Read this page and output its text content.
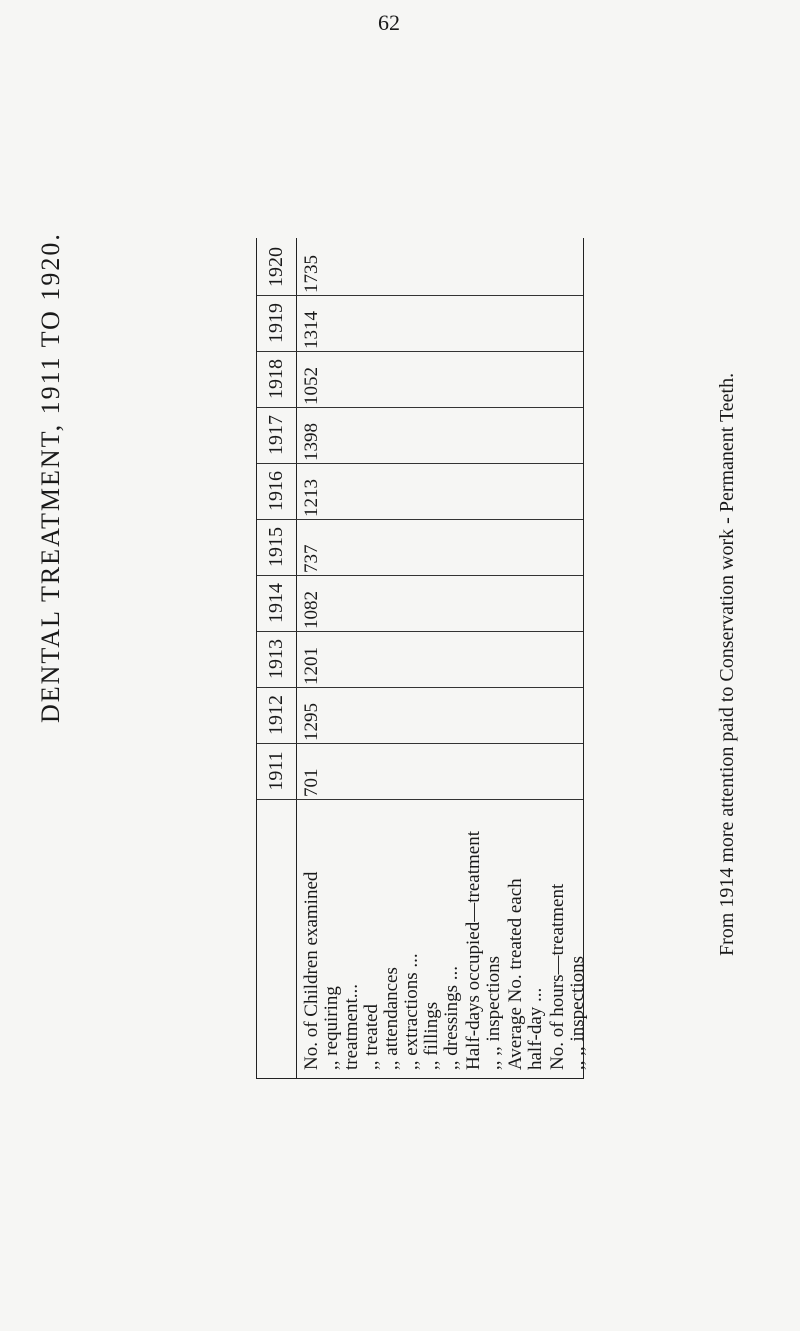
62
DENTAL TREATMENT, 1911 TO 1920.
No. of Children examined ,, requiring treatment... ,, treated ,, attendances ,, extractions ... ,, fillings ,, dressings ... Half-days occupied—treatment ,, ,, inspections Average No. treated each half-day ... No. of hours—treatment ,, ,, inspections
1911 701
1912 1295
1913 1201
1914 1082
1915 737
1916 1213
1917 1398
1918 1052
1919 1314
1920 1735
From 1914 more attention paid to Conservation work - Permanent Teeth.
